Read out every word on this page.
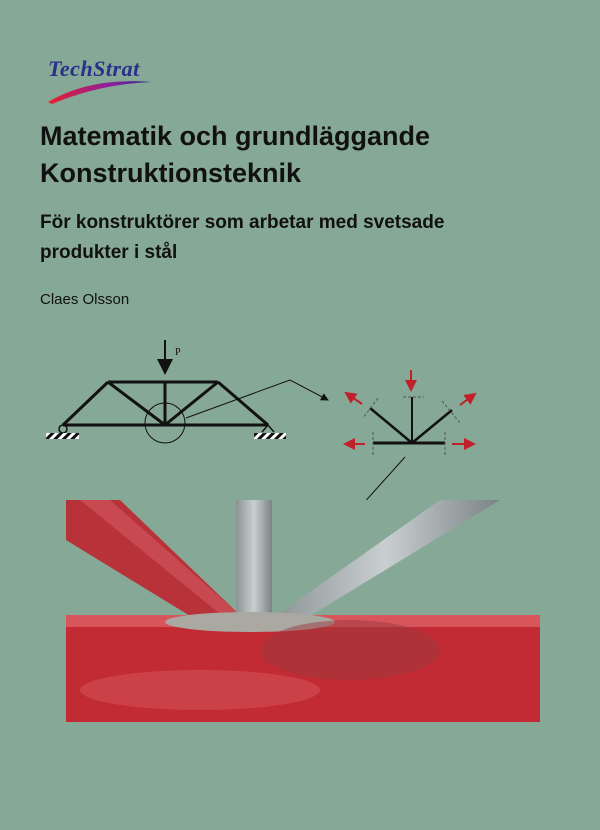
TechStrat
Matematik och grundläggande
Konstruktionsteknik
För konstruktörer som arbetar med svetsade
produkter i stål
Claes Olsson
P
